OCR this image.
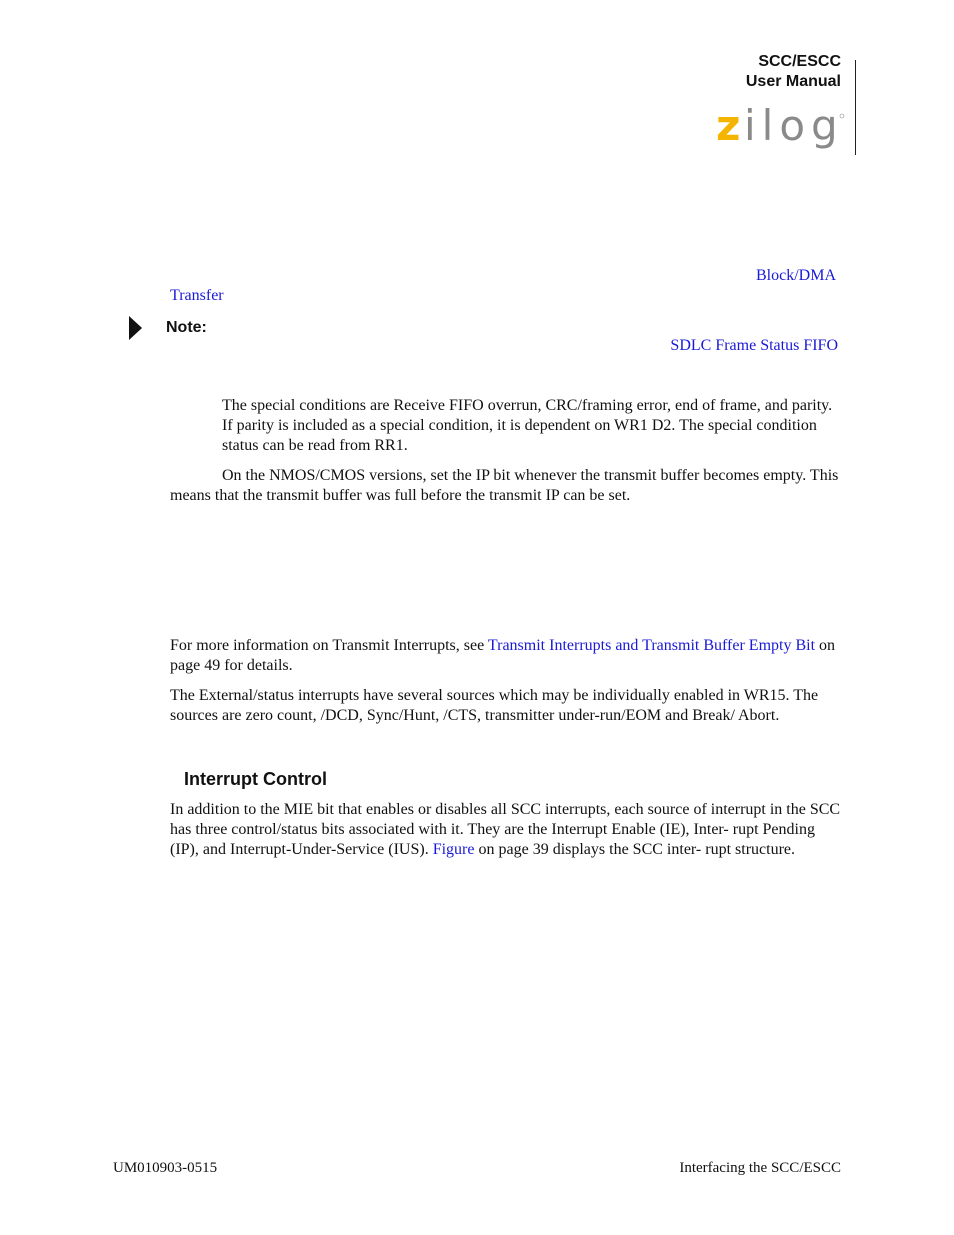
SCC/ESCC
User Manual
z ilog
Block/DMA
Transfer
Note:
SDLC Frame Status FIFO
The special conditions are Receive FIFO overrun, CRC/framing error, end of frame, and parity. If parity is included as a special condition, it is dependent on WR1 D2. The special condition status can be read from RR1.
On the NMOS/CMOS versions, set the IP bit whenever the transmit buffer becomes empty. This means that the transmit buffer was full before the transmit IP can be set.
For more information on Transmit Interrupts, see Transmit Interrupts and Transmit Buffer Empty Bit on page 49 for details.
The External/status interrupts have several sources which may be individually enabled in WR15. The sources are zero count, /DCD, Sync/Hunt, /CTS, transmitter under-run/EOM and Break/ Abort.
Interrupt Control
In addition to the MIE bit that enables or disables all SCC interrupts, each source of interrupt in the SCC has three control/status bits associated with it. They are the Interrupt Enable (IE), Inter- rupt Pending (IP), and Interrupt-Under-Service (IUS). Figure on page 39 displays the SCC inter- rupt structure.
UM010903-0515	Interfacing the SCC/ESCC
